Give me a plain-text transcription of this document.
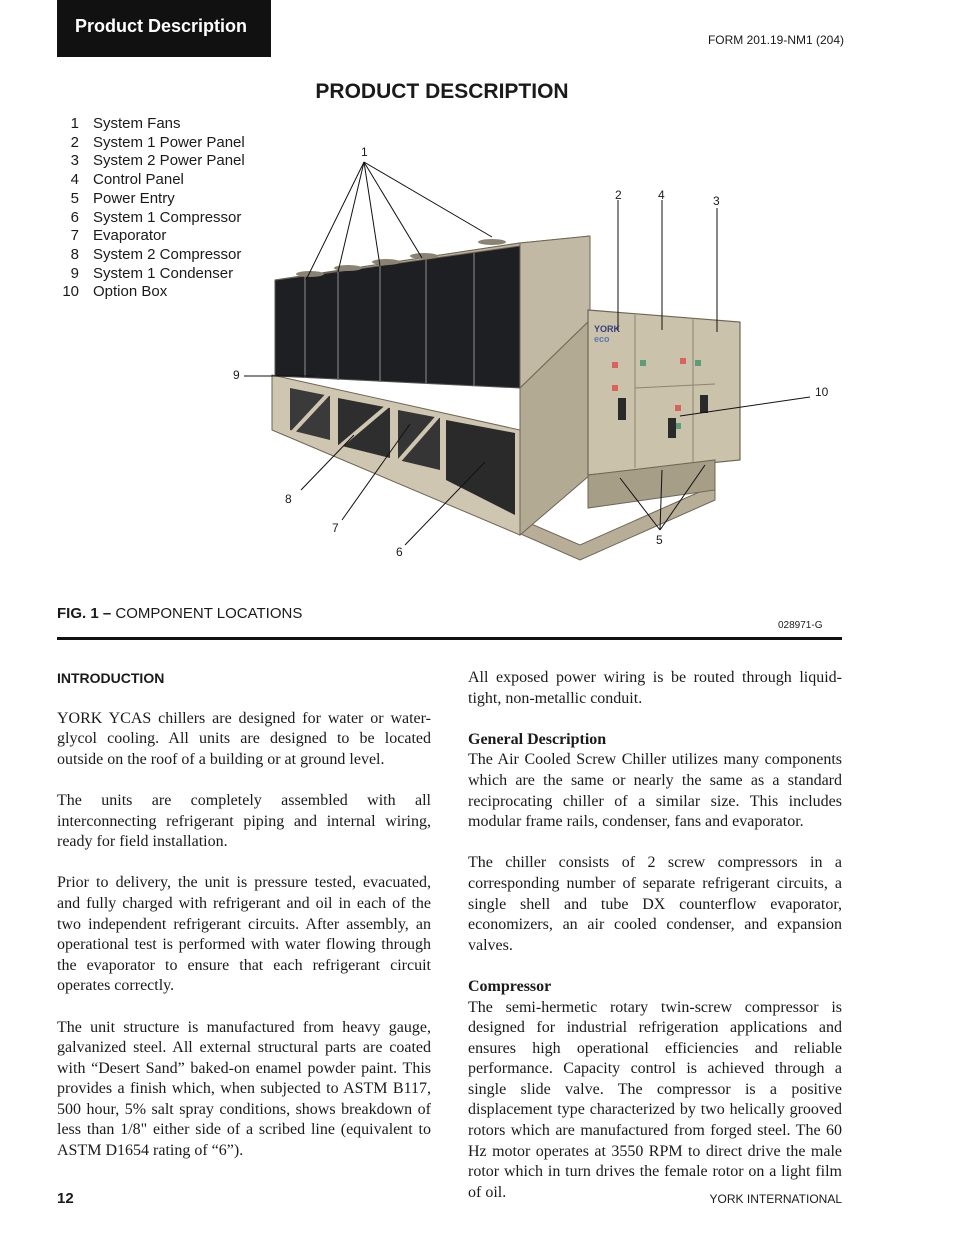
Product Description
FORM 201.19-NM1 (204)
PRODUCT DESCRIPTION
1 System Fans
2 System 1 Power Panel
3 System 2 Power Panel
4 Control Panel
5 Power Entry
6 System 1 Compressor
7 Evaporator
8 System 2 Compressor
9 System 1 Condenser
10 Option Box
YORK
eco
1
2	4	3
9
10
8
7
6
5
FIG. 1 – COMPONENT LOCATIONS
028971-G
INTRODUCTION

YORK YCAS chillers are designed for water or water-glycol cooling. All units are designed to be located outside on the roof of a building or at ground level.

The units are completely assembled with all interconnecting refrigerant piping and internal wiring, ready for field installation.

Prior to delivery, the unit is pressure tested, evacuated, and fully charged with refrigerant and oil in each of the two independent refrigerant circuits. After assembly, an operational test is performed with water flowing through the evaporator to ensure that each refrigerant circuit operates correctly.

The unit structure is manufactured from heavy gauge, galvanized steel. All external structural parts are coated with “Desert Sand” baked-on enamel powder paint. This provides a finish which, when subjected to ASTM B117, 500 hour, 5% salt spray conditions, shows breakdown of less than 1/8" either side of a scribed line (equivalent to ASTM D1654 rating of “6”).

All exposed power wiring is be routed through liquid-tight, non-metallic conduit.

General Description

The Air Cooled Screw Chiller utilizes many components which are the same or nearly the same as a standard reciprocating chiller of a similar size. This includes modular frame rails, condenser, fans and evaporator.

The chiller consists of 2 screw compressors in a corresponding number of separate refrigerant circuits, a single shell and tube DX counterflow evaporator, economizers, an air cooled condenser, and expansion valves.

Compressor

The semi-hermetic rotary twin-screw compressor is designed for industrial refrigeration applications and ensures high operational efficiencies and reliable performance. Capacity control is achieved through a single slide valve. The compressor is a positive displacement type characterized by two helically grooved rotors which are manufactured from forged steel. The 60 Hz motor operates at 3550 RPM to direct drive the male rotor which in turn drives the female rotor on a light film of oil.

12	YORK INTERNATIONAL
